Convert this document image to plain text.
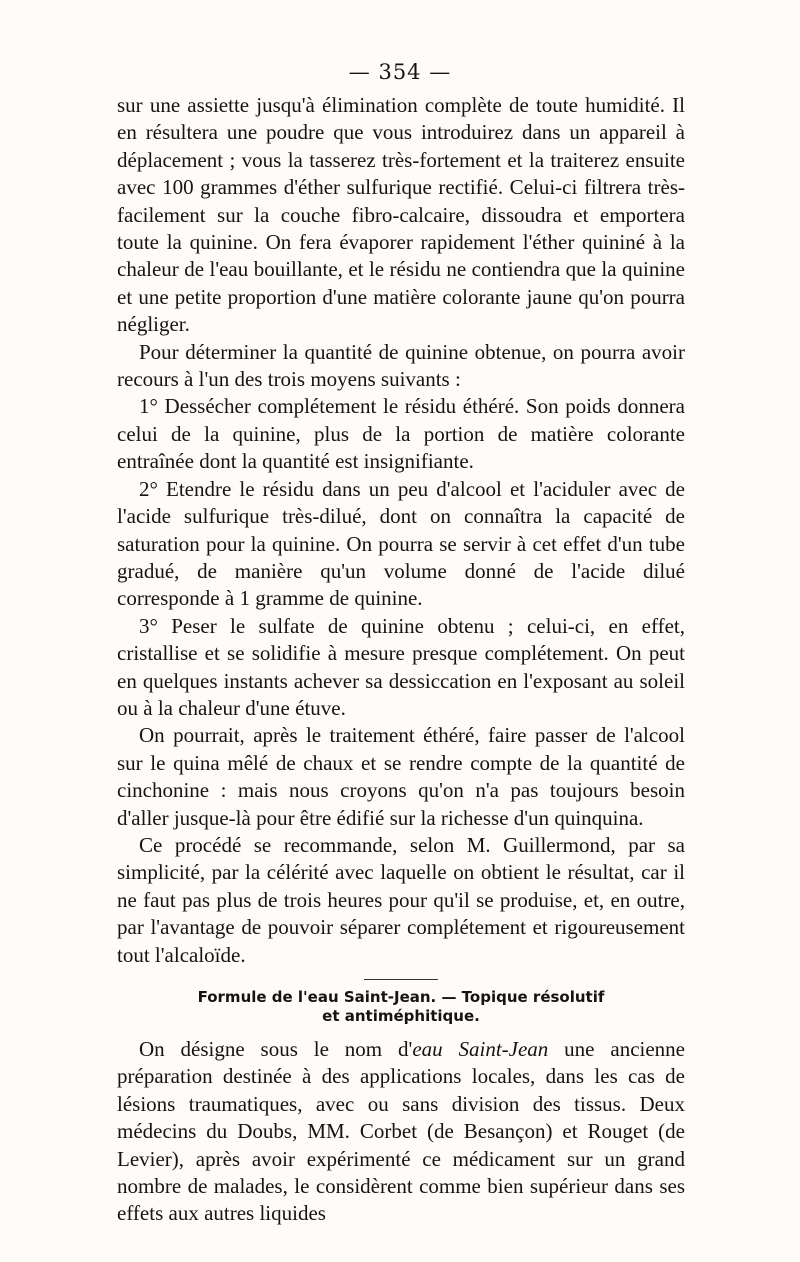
— 354 —

sur une assiette jusqu'à élimination complète de toute humidité. Il en résultera une poudre que vous introduirez dans un appareil à déplacement ; vous la tasserez très-fortement et la traiterez ensuite avec 100 grammes d'éther sulfurique rectifié. Celui-ci filtrera très-facilement sur la couche fibro-calcaire, dissoudra et emportera toute la quinine. On fera évaporer rapidement l'éther quininé à la chaleur de l'eau bouillante, et le résidu ne contiendra que la quinine et une petite proportion d'une matière colorante jaune qu'on pourra négliger.

Pour déterminer la quantité de quinine obtenue, on pourra avoir recours à l'un des trois moyens suivants :

1° Dessécher complétement le résidu éthéré. Son poids donnera celui de la quinine, plus de la portion de matière colorante entraînée dont la quantité est insignifiante.

2° Etendre le résidu dans un peu d'alcool et l'aciduler avec de l'acide sulfurique très-dilué, dont on connaîtra la capacité de saturation pour la quinine. On pourra se servir à cet effet d'un tube gradué, de manière qu'un volume donné de l'acide dilué corresponde à 1 gramme de quinine.

3° Peser le sulfate de quinine obtenu ; celui-ci, en effet, cristallise et se solidifie à mesure presque complétement. On peut en quelques instants achever sa dessiccation en l'exposant au soleil ou à la chaleur d'une étuve.

On pourrait, après le traitement éthéré, faire passer de l'alcool sur le quina mêlé de chaux et se rendre compte de la quantité de cinchonine : mais nous croyons qu'on n'a pas toujours besoin d'aller jusque-là pour être édifié sur la richesse d'un quinquina.

Ce procédé se recommande, selon M. Guillermond, par sa simplicité, par la célérité avec laquelle on obtient le résultat, car il ne faut pas plus de trois heures pour qu'il se produise, et, en outre, par l'avantage de pouvoir séparer complétement et rigoureusement tout l'alcaloïde.

Formule de l'eau Saint-Jean. — Topique résolutif
et antiméphitique.

On désigne sous le nom d'eau Saint-Jean une ancienne préparation destinée à des applications locales, dans les cas de lésions traumatiques, avec ou sans division des tissus. Deux médecins du Doubs, MM. Corbet (de Besançon) et Rouget (de Levier), après avoir expérimenté ce médicament sur un grand nombre de malades, le considèrent comme bien supérieur dans ses effets aux autres liquides
